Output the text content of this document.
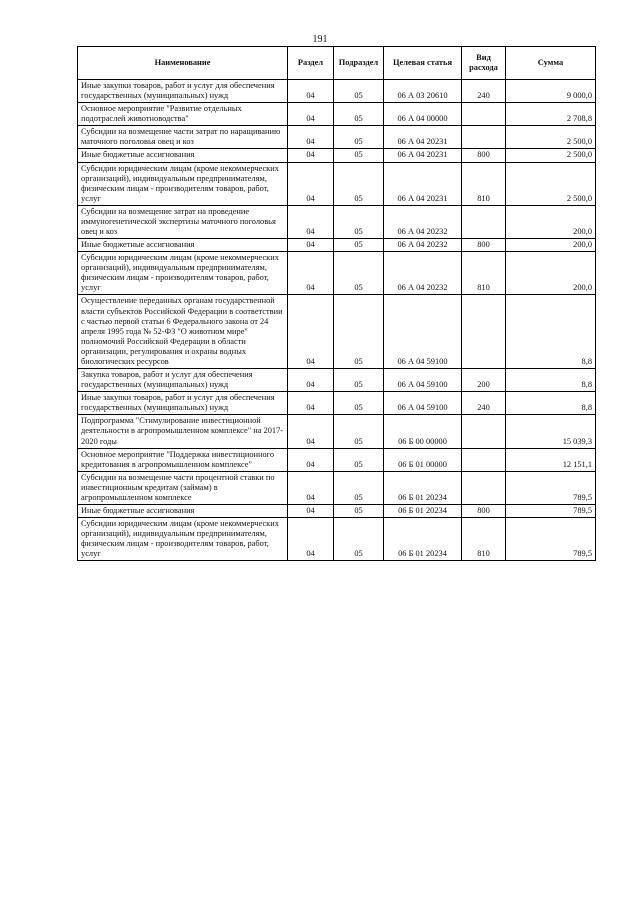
191
Наименование	Раздел	Подраздел	Целевая статья	Вид расхода	Сумма
Иные закупки товаров, работ и услуг для обеспечения государственных (муниципальных) нужд	04	05	06 А 03 20610	240	9 000,0
Основное мероприятие "Развитие отдельных подотраслей животноводства"	04	05	06 А 04 00000		2 708,8
Субсидии на возмещение части затрат по наращиванию маточного поголовья овец и коз	04	05	06 А 04 20231		2 500,0
Иные бюджетные ассигнования	04	05	06 А 04 20231	800	2 500,0
Субсидии юридическим лицам (кроме некоммерческих организаций), индивидуальным предпринимателям, физическим лицам - производителям товаров, работ, услуг	04	05	06 А 04 20231	810	2 500,0
Субсидии на возмещение затрат на проведение иммуногенетической экспертизы маточного поголовья овец и коз	04	05	06 А 04 20232		200,0
Иные бюджетные ассигнования	04	05	06 А 04 20232	800	200,0
Субсидии юридическим лицам (кроме некоммерческих организаций), индивидуальным предпринимателям, физическим лицам - производителям товаров, работ, услуг	04	05	06 А 04 20232	810	200,0
Осуществление переданных органам государственной власти субъектов Российской Федерации в соответствии с частью первой статьи 6 Федерального закона от 24 апреля 1995 года № 52-ФЗ "О животном мире" полномочий Российской Федерации в области организации, регулирования и охраны водных биологических ресурсов	04	05	06 А 04 59100		8,8
Закупка товаров, работ и услуг для обеспечения государственных (муниципальных) нужд	04	05	06 А 04 59100	200	8,8
Иные закупки товаров, работ и услуг для обеспечения государственных (муниципальных) нужд	04	05	06 А 04 59100	240	8,8
Подпрограмма "Стимулирование инвестиционной деятельности в агропромышленном комплексе" на 2017-2020 годы	04	05	06 Б 00 00000		15 039,3
Основное мероприятие "Поддержка инвестиционного кредитования в агропромышленном комплексе"	04	05	06 Б 01 00000		12 151,1
Субсидии на возмещение части процентной ставки по инвестиционным кредитам (займам) в агропромышленном комплексе	04	05	06 Б 01 20234		789,5
Иные бюджетные ассигнования	04	05	06 Б 01 20234	800	789,5
Субсидии юридическим лицам (кроме некоммерческих организаций), индивидуальным предпринимателям, физическим лицам - производителям товаров, работ, услуг	04	05	06 Б 01 20234	810	789,5
